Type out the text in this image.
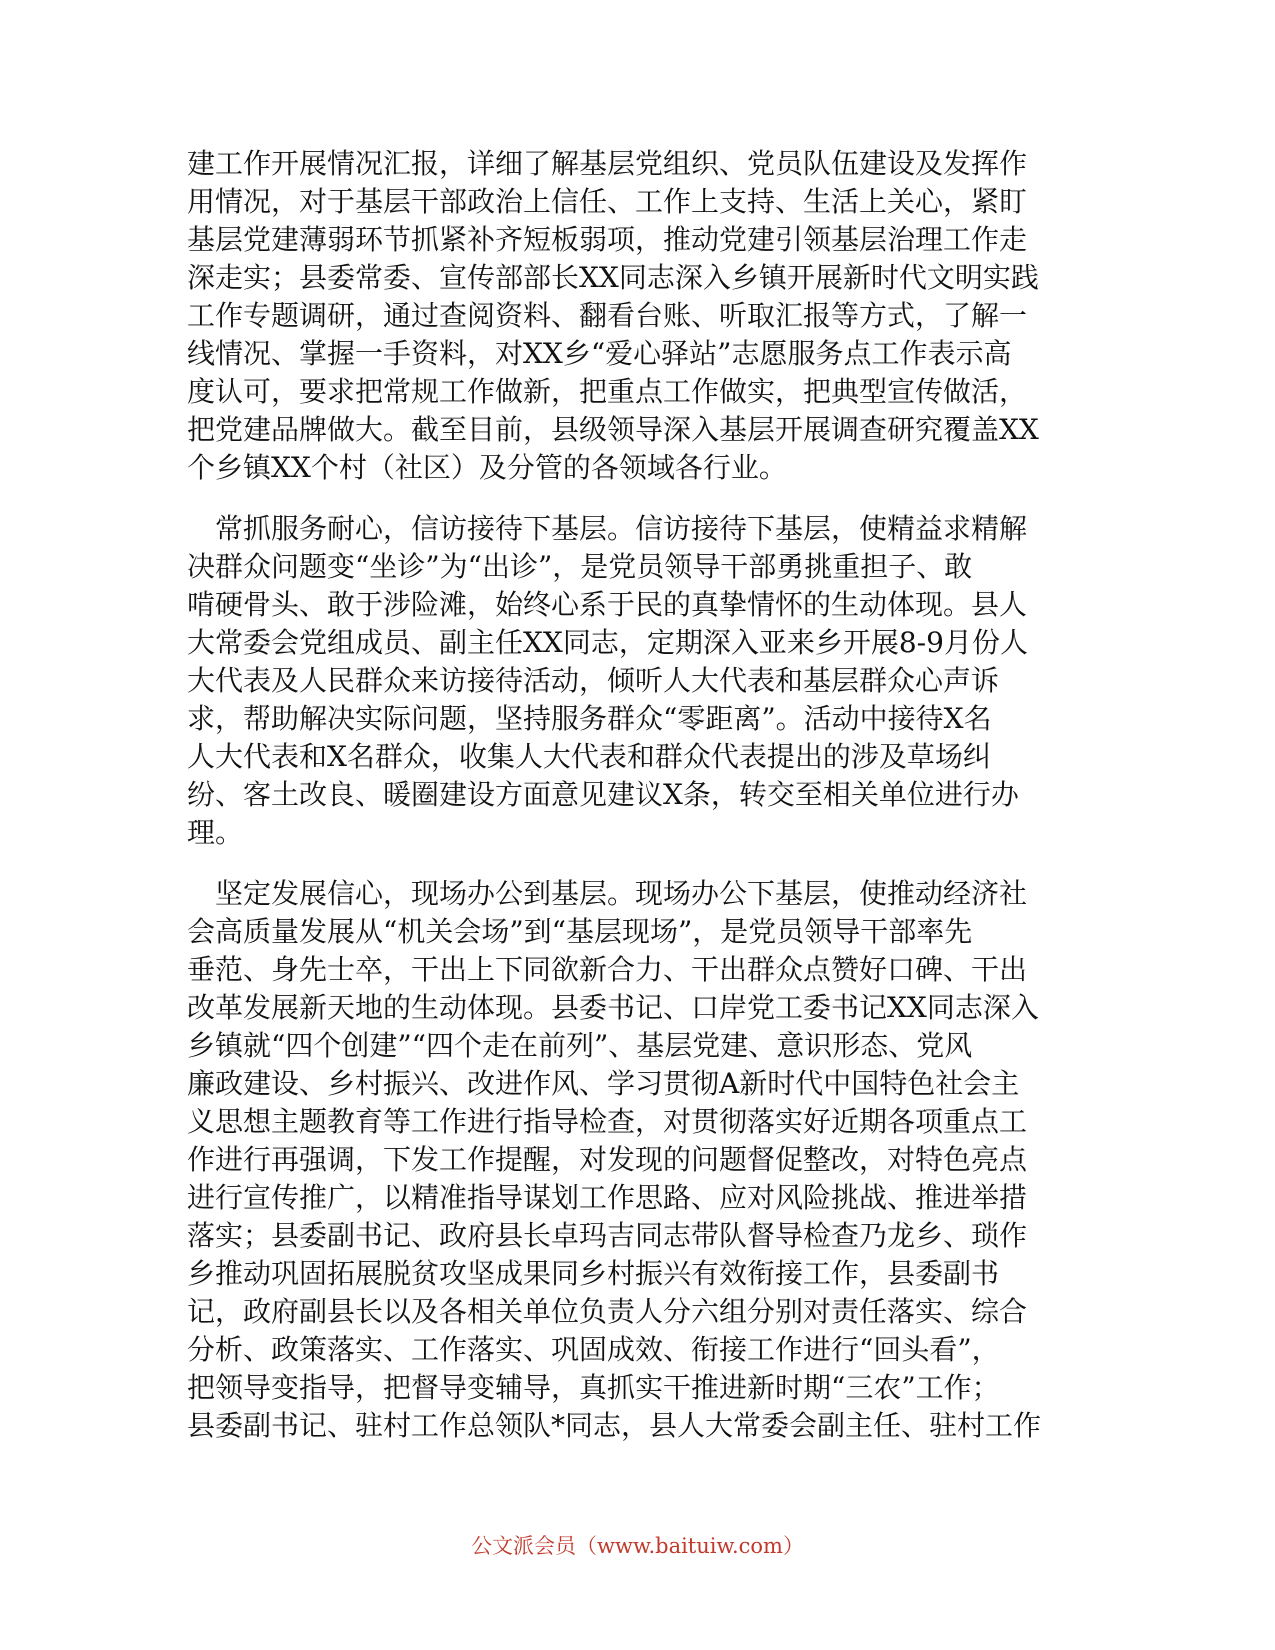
建工作开展情况汇报，详细了解基层党组织、党员队伍建设及发挥作
用情况，对于基层干部政治上信任、工作上支持、生活上关心，紧盯
基层党建薄弱环节抓紧补齐短板弱项，推动党建引领基层治理工作走
深走实；县委常委、宣传部部长XX同志深入乡镇开展新时代文明实践
工作专题调研，通过查阅资料、翻看台账、听取汇报等方式，了解一
线情况、掌握一手资料，对XX乡“爱心驿站”志愿服务点工作表示高
度认可，要求把常规工作做新，把重点工作做实，把典型宣传做活，
把党建品牌做大。截至目前，县级领导深入基层开展调查研究覆盖XX
个乡镇XX个村（社区）及分管的各领域各行业。
　常抓服务耐心，信访接待下基层。信访接待下基层，使精益求精解
决群众问题变“坐诊”为“出诊”，是党员领导干部勇挑重担子、敢
啃硬骨头、敢于涉险滩，始终心系于民的真挚情怀的生动体现。县人
大常委会党组成员、副主任XX同志，定期深入亚来乡开展8-9月份人
大代表及人民群众来访接待活动，倾听人大代表和基层群众心声诉
求，帮助解决实际问题，坚持服务群众“零距离”。活动中接待X名
人大代表和X名群众，收集人大代表和群众代表提出的涉及草场纠
纷、客土改良、暖圈建设方面意见建议X条，转交至相关单位进行办
理。
　坚定发展信心，现场办公到基层。现场办公下基层，使推动经济社
会高质量发展从“机关会场”到“基层现场”，是党员领导干部率先
垂范、身先士卒，干出上下同欲新合力、干出群众点赞好口碑、干出
改革发展新天地的生动体现。县委书记、口岸党工委书记XX同志深入
乡镇就“四个创建”“四个走在前列”、基层党建、意识形态、党风
廉政建设、乡村振兴、改进作风、学习贯彻A新时代中国特色社会主
义思想主题教育等工作进行指导检查，对贯彻落实好近期各项重点工
作进行再强调，下发工作提醒，对发现的问题督促整改，对特色亮点
进行宣传推广，以精准指导谋划工作思路、应对风险挑战、推进举措
落实；县委副书记、政府县长卓玛吉同志带队督导检查乃龙乡、琐作
乡推动巩固拓展脱贫攻坚成果同乡村振兴有效衔接工作，县委副书
记，政府副县长以及各相关单位负责人分六组分别对责任落实、综合
分析、政策落实、工作落实、巩固成效、衔接工作进行“回头看”，
把领导变指导，把督导变辅导，真抓实干推进新时期“三农”工作；
县委副书记、驻村工作总领队*同志，县人大常委会副主任、驻村工作
公文派会员（www.baituiw.com）
